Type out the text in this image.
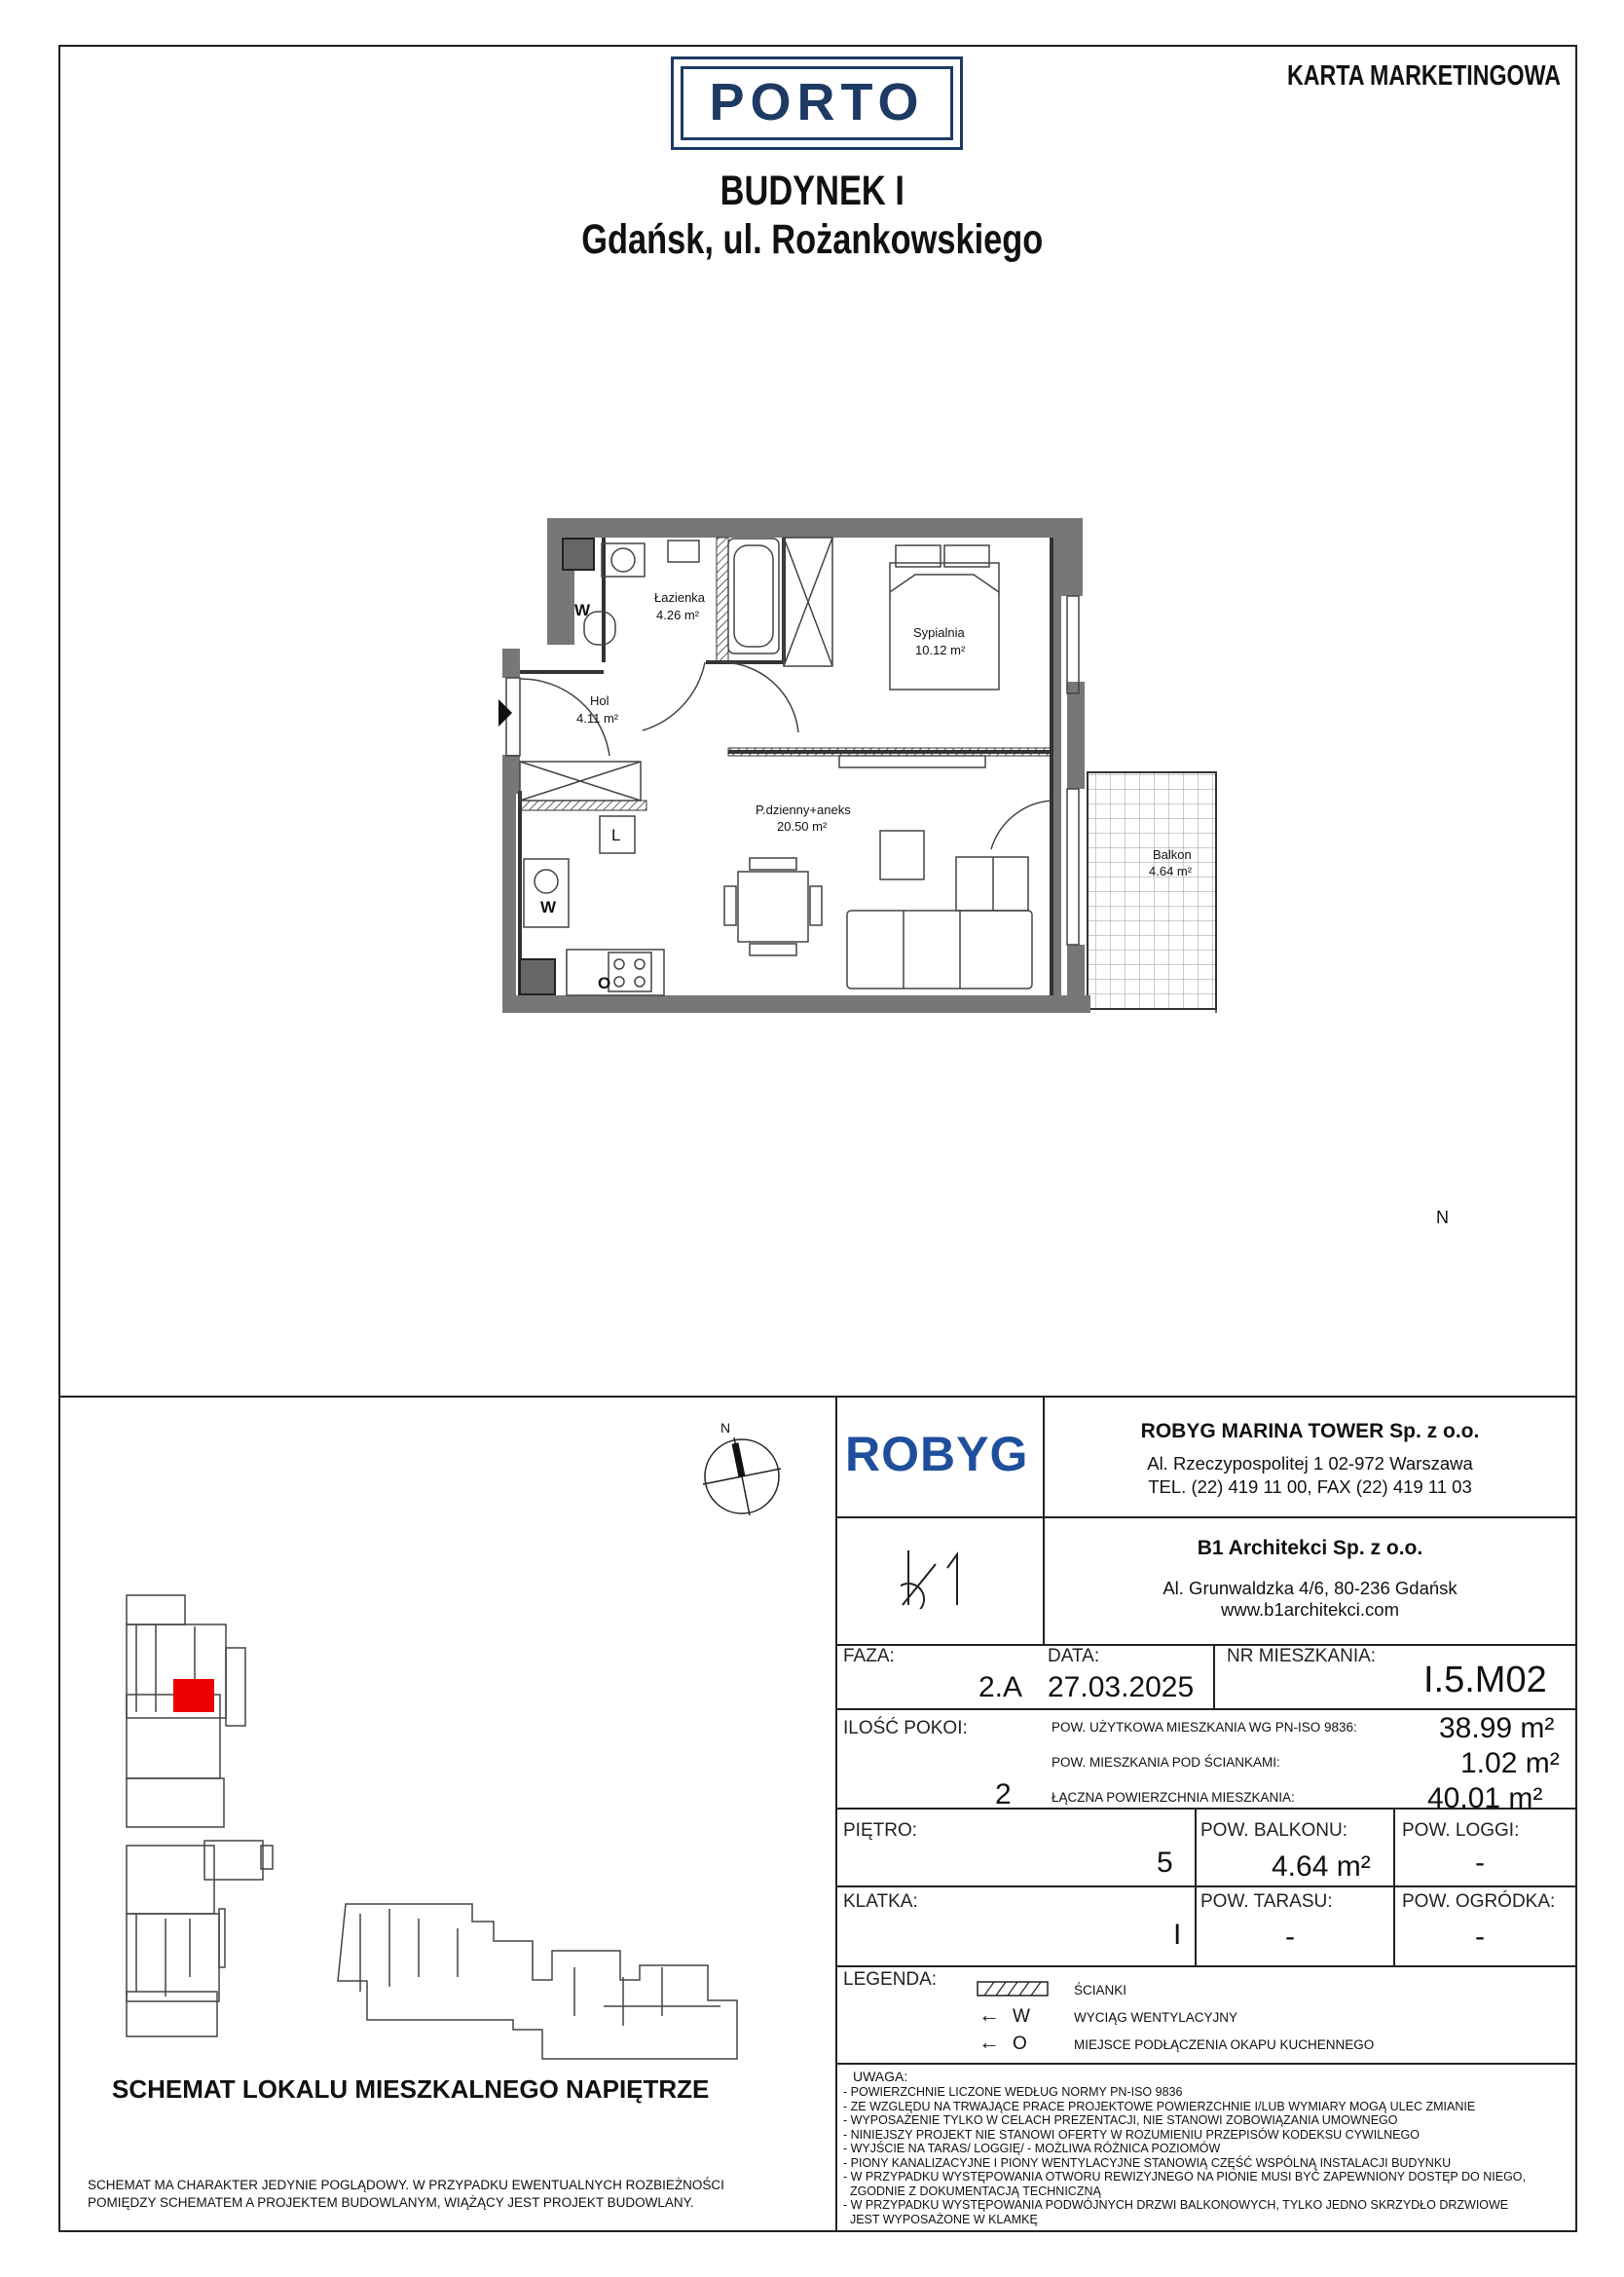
PORTO	KARTA MARKETINGOWA
BUDYNEK I
Gdańsk, ul. Rożankowskiego
Łazienka
4.26 m²
Sypialnia
10.12 m²
Hol
4.11 m²
P.dzienny+aneks
20.50 m²
Balkon
4.64 m²
W
W
O
L
N
N
SCHEMAT LOKALU MIESZKALNEGO NAPIĘTRZE
SCHEMAT MA CHARAKTER JEDYNIE POGLĄDOWY. W PRZYPADKU EWENTUALNYCH ROZBIEŻNOŚCI
POMIĘDZY SCHEMATEM A PROJEKTEM BUDOWLANYM, WIĄŻĄCY JEST PROJEKT BUDOWLANY.
ROBYG	ROBYG MARINA TOWER Sp. z o.o.
Al. Rzeczypospolitej 1 02-972 Warszawa
TEL. (22) 419 11 00, FAX (22) 419 11 03
B1 Architekci Sp. z o.o.
Al. Grunwaldzka 4/6, 80-236 Gdańsk
www.b1architekci.com
FAZA:
2.A
DATA:
27.03.2025
NR MIESZKANIA:
I.5.M02
ILOŚĆ POKOI:
2
POW. UŻYTKOWA MIESZKANIA WG PN-ISO 9836:	38.99 m²
POW. MIESZKANIA POD ŚCIANKAMI:	1.02 m²
ŁĄCZNA POWIERZCHNIA MIESZKANIA:	40.01 m²
PIĘTRO:
5
POW. BALKONU:
4.64 m²
POW. LOGGI:
-
KLATKA:
I
POW. TARASU:
-
POW. OGRÓDKA:
-
LEGENDA:
ŚCIANKI
← W	WYCIĄG WENTYLACYJNY
← O	MIEJSCE PODŁĄCZENIA OKAPU KUCHENNEGO
UWAGA:
- POWIERZCHNIE LICZONE WEDŁUG NORMY PN-ISO 9836
- ZE WZGLĘDU NA TRWAJĄCE PRACE PROJEKTOWE POWIERZCHNIE I/LUB WYMIARY MOGĄ ULEC ZMIANIE
- WYPOSAŻENIE TYLKO W CELACH PREZENTACJI, NIE STANOWI ZOBOWIĄZANIA UMOWNEGO
- NINIEJSZY PROJEKT NIE STANOWI OFERTY W ROZUMIENIU PRZEPISÓW KODEKSU CYWILNEGO
- WYJŚCIE NA TARAS/ LOGGIĘ/ - MOŻLIWA RÓŻNICA POZIOMÓW
- PIONY KANALIZACYJNE I PIONY WENTYLACYJNE STANOWIĄ CZĘŚĆ WSPÓLNĄ INSTALACJI BUDYNKU
- W PRZYPADKU WYSTĘPOWANIA OTWORU REWIZYJNEGO NA PIONIE MUSI BYĆ ZAPEWNIONY DOSTĘP DO NIEGO,
ZGODNIE Z DOKUMENTACJĄ TECHNICZNĄ
- W PRZYPADKU WYSTĘPOWANIA PODWÓJNYCH DRZWI BALKONOWYCH, TYLKO JEDNO SKRZYDŁO DRZWIOWE
JEST WYPOSAŻONE W KLAMKĘ
